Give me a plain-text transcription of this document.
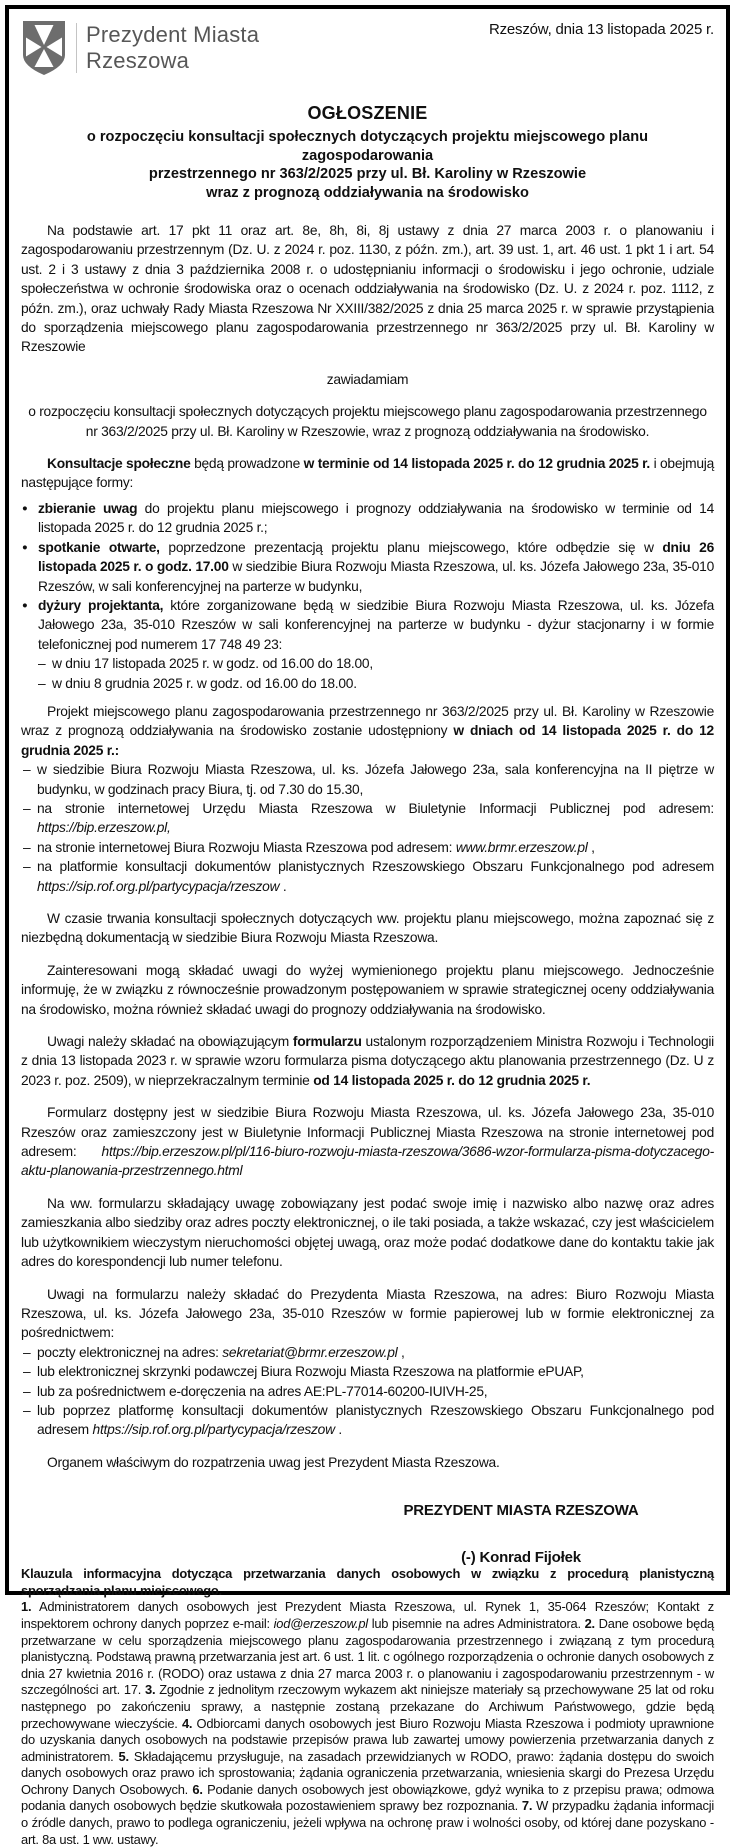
Prezydent Miasta
Rzeszowa
Rzeszów, dnia 13 listopada 2025 r.
OGŁOSZENIE
o rozpoczęciu konsultacji społecznych dotyczących projektu miejscowego planu zagospodarowania
przestrzennego nr 363/2/2025 przy ul. Bł. Karoliny w Rzeszowie
wraz z prognozą oddziaływania na środowisko

Na podstawie art. 17 pkt 11 oraz art. 8e, 8h, 8i, 8j ustawy z dnia 27 marca 2003 r. o planowaniu i zagospodarowaniu przestrzennym (Dz. U. z 2024 r. poz. 1130, z późn. zm.), art. 39 ust. 1, art. 46 ust. 1 pkt 1 i art. 54 ust. 2 i 3 ustawy z dnia 3 października 2008 r. o udostępnianiu informacji o środowisku i jego ochronie, udziale społeczeństwa w ochronie środowiska oraz o ocenach oddziaływania na środowisko (Dz. U. z 2024 r. poz. 1112, z późn. zm.), oraz uchwały Rady Miasta Rzeszowa Nr XXIII/382/2025 z dnia 25 marca 2025 r. w sprawie przystąpienia do sporządzenia miejscowego planu zagospodarowania przestrzennego nr 363/2/2025 przy ul. Bł. Karoliny w Rzeszowie

zawiadamiam

o rozpoczęciu konsultacji społecznych dotyczących projektu miejscowego planu zagospodarowania przestrzennego nr 363/2/2025 przy ul. Bł. Karoliny w Rzeszowie, wraz z prognozą oddziaływania na środowisko.

Konsultacje społeczne będą prowadzone w terminie od 14 listopada 2025 r. do 12 grudnia 2025 r. i obejmują następujące formy:

● zbieranie uwag do projektu planu miejscowego i prognozy oddziaływania na środowisko w terminie od 14 listopada 2025 r. do 12 grudnia 2025 r.;
● spotkanie otwarte, poprzedzone prezentacją projektu planu miejscowego, które odbędzie się w dniu 26 listopada 2025 r. o godz. 17.00 w siedzibie Biura Rozwoju Miasta Rzeszowa, ul. ks. Józefa Jałowego 23a, 35-010 Rzeszów, w sali konferencyjnej na parterze w budynku,
● dyżury projektanta, które zorganizowane będą w siedzibie Biura Rozwoju Miasta Rzeszowa, ul. ks. Józefa Jałowego 23a, 35-010 Rzeszów w sali konferencyjnej na parterze w budynku - dyżur stacjonarny i w formie telefonicznej pod numerem 17 748 49 23:
– w dniu 17 listopada 2025 r. w godz. od 16.00 do 18.00,
– w dniu 8 grudnia 2025 r. w godz. od 16.00 do 18.00.

Projekt miejscowego planu zagospodarowania przestrzennego nr 363/2/2025 przy ul. Bł. Karoliny w Rzeszowie wraz z prognozą oddziaływania na środowisko zostanie udostępniony w dniach od 14 listopada 2025 r. do 12 grudnia 2025 r.:

– w siedzibie Biura Rozwoju Miasta Rzeszowa, ul. ks. Józefa Jałowego 23a, sala konferencyjna na II piętrze w budynku, w godzinach pracy Biura, tj. od 7.30 do 15.30,
– na stronie internetowej Urzędu Miasta Rzeszowa w Biuletynie Informacji Publicznej pod adresem: https://bip.erzeszow.pl,
– na stronie internetowej Biura Rozwoju Miasta Rzeszowa pod adresem: www.brmr.erzeszow.pl ,
– na platformie konsultacji dokumentów planistycznych Rzeszowskiego Obszaru Funkcjonalnego pod adresem https://sip.rof.org.pl/partycypacja/rzeszow .

W czasie trwania konsultacji społecznych dotyczących ww. projektu planu miejscowego, można zapoznać się z niezbędną dokumentacją w siedzibie Biura Rozwoju Miasta Rzeszowa.

Zainteresowani mogą składać uwagi do wyżej wymienionego projektu planu miejscowego. Jednocześnie informuję, że w związku z równocześnie prowadzonym postępowaniem w sprawie strategicznej oceny oddziaływania na środowisko, można również składać uwagi do prognozy oddziaływania na środowisko.

Uwagi należy składać na obowiązującym formularzu ustalonym rozporządzeniem Ministra Rozwoju i Technologii z dnia 13 listopada 2023 r. w sprawie wzoru formularza pisma dotyczącego aktu planowania przestrzennego (Dz. U z 2023 r. poz. 2509), w nieprzekraczalnym terminie od 14 listopada 2025 r. do 12 grudnia 2025 r.

Formularz dostępny jest w siedzibie Biura Rozwoju Miasta Rzeszowa, ul. ks. Józefa Jałowego 23a, 35-010 Rzeszów oraz zamieszczony jest w Biuletynie Informacji Publicznej Miasta Rzeszowa na stronie internetowej pod adresem: https://bip.erzeszow.pl/pl/116-biuro-rozwoju-miasta-rzeszowa/3686-wzor-formularza-pisma-dotyczacego-aktu-planowania-przestrzennego.html

Na ww. formularzu składający uwagę zobowiązany jest podać swoje imię i nazwisko albo nazwę oraz adres zamieszkania albo siedziby oraz adres poczty elektronicznej, o ile taki posiada, a także wskazać, czy jest właścicielem lub użytkownikiem wieczystym nieruchomości objętej uwagą, oraz może podać dodatkowe dane do kontaktu takie jak adres do korespondencji lub numer telefonu.

Uwagi na formularzu należy składać do Prezydenta Miasta Rzeszowa, na adres: Biuro Rozwoju Miasta Rzeszowa, ul. ks. Józefa Jałowego 23a, 35-010 Rzeszów w formie papierowej lub w formie elektronicznej za pośrednictwem:

– poczty elektronicznej na adres: sekretariat@brmr.erzeszow.pl ,
– lub elektronicznej skrzynki podawczej Biura Rozwoju Miasta Rzeszowa na platformie ePUAP,
– lub za pośrednictwem e-doręczenia na adres AE:PL-77014-60200-IUIVH-25,
– lub poprzez platformę konsultacji dokumentów planistycznych Rzeszowskiego Obszaru Funkcjonalnego pod adresem https://sip.rof.org.pl/partycypacja/rzeszow .

Organem właściwym do rozpatrzenia uwag jest Prezydent Miasta Rzeszowa.

PREZYDENT MIASTA RZESZOWA
(-) Konrad Fijołek
Klauzula informacyjna dotycząca przetwarzania danych osobowych w związku z procedurą planistyczną sporządzania planu miejscowego.
1. Administratorem danych osobowych jest Prezydent Miasta Rzeszowa, ul. Rynek 1, 35-064 Rzeszów; Kontakt z inspektorem ochrony danych poprzez e-mail: iod@erzeszow.pl lub pisemnie na adres Administratora. 2. Dane osobowe będą przetwarzane w celu sporządzenia miejscowego planu zagospodarowania przestrzennego i związaną z tym procedurą planistyczną. Podstawą prawną przetwarzania jest art. 6 ust. 1 lit. c ogólnego rozporządzenia o ochronie danych osobowych z dnia 27 kwietnia 2016 r. (RODO) oraz ustawa z dnia 27 marca 2003 r. o planowaniu i zagospodarowaniu przestrzennym - w szczególności art. 17. 3. Zgodnie z jednolitym rzeczowym wykazem akt niniejsze materiały są przechowywane 25 lat od roku następnego po zakończeniu sprawy, a następnie zostaną przekazane do Archiwum Państwowego, gdzie będą przechowywane wieczyście. 4. Odbiorcami danych osobowych jest Biuro Rozwoju Miasta Rzeszowa i podmioty uprawnione do uzyskania danych osobowych na podstawie przepisów prawa lub zawartej umowy powierzenia przetwarzania danych z administratorem. 5. Składającemu przysługuje, na zasadach przewidzianych w RODO, prawo: żądania dostępu do swoich danych osobowych oraz prawo ich sprostowania; żądania ograniczenia przetwarzania, wniesienia skargi do Prezesa Urzędu Ochrony Danych Osobowych. 6. Podanie danych osobowych jest obowiązkowe, gdyż wynika to z przepisu prawa; odmowa podania danych osobowych będzie skutkowała pozostawieniem sprawy bez rozpoznania. 7. W przypadku żądania informacji o źródle danych, prawo to podlega ograniczeniu, jeżeli wpływa na ochronę praw i wolności osoby, od której dane pozyskano - art. 8a ust. 1 ww. ustawy.
